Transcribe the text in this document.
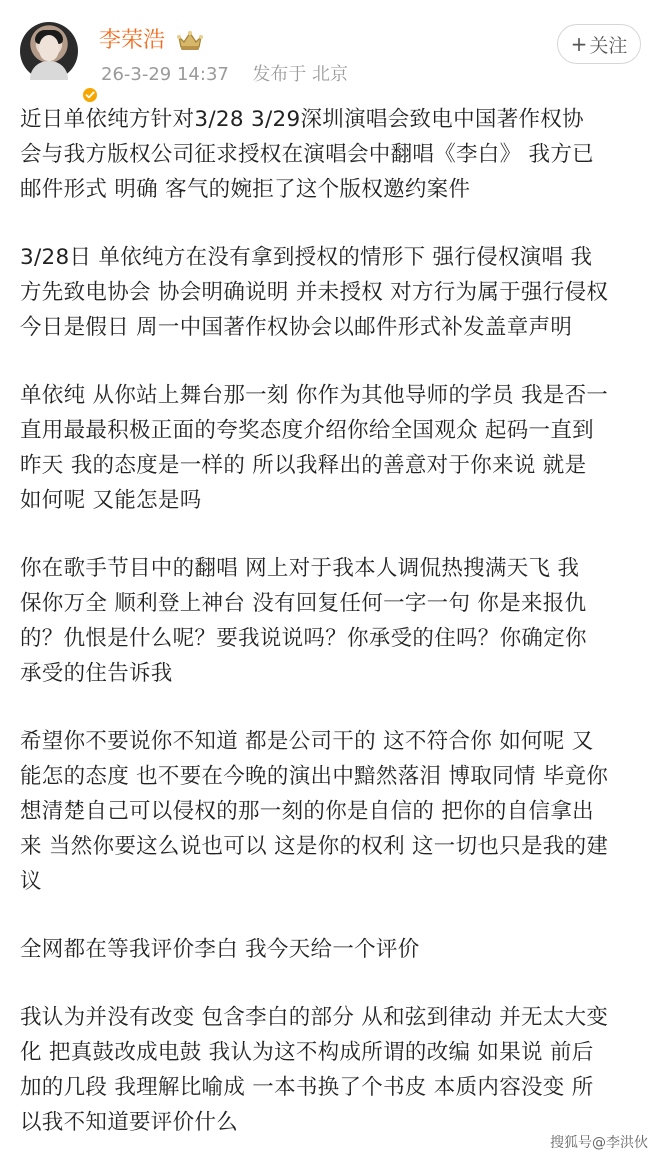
李荣浩
26-3-29 14:37 发布于 北京
+ 关注

近日单依纯方针对3/28 3/29深圳演唱会致电中国著作权协
会与我方版权公司征求授权在演唱会中翻唱《李白》 我方已
邮件形式 明确 客气的婉拒了这个版权邀约案件

3/28日 单依纯方在没有拿到授权的情形下 强行侵权演唱 我
方先致电协会 协会明确说明 并未授权 对方行为属于强行侵权
今日是假日 周一中国著作权协会以邮件形式补发盖章声明

单依纯 从你站上舞台那一刻 你作为其他导师的学员 我是否一
直用最最积极正面的夸奖态度介绍你给全国观众 起码一直到
昨天 我的态度是一样的 所以我释出的善意对于你来说 就是
如何呢 又能怎是吗

你在歌手节目中的翻唱 网上对于我本人调侃热搜满天飞 我
保你万全 顺利登上神台 没有回复任何一字一句 你是来报仇
的？仇恨是什么呢？要我说说吗？你承受的住吗？你确定你
承受的住告诉我

希望你不要说你不知道 都是公司干的 这不符合你 如何呢 又
能怎的态度 也不要在今晚的演出中黯然落泪 博取同情 毕竟你
想清楚自己可以侵权的那一刻的你是自信的 把你的自信拿出
来 当然你要这么说也可以 这是你的权利 这一切也只是我的建
议

全网都在等我评价李白 我今天给一个评价

我认为并没有改变 包含李白的部分 从和弦到律动 并无太大变
化 把真鼓改成电鼓 我认为这不构成所谓的改编 如果说 前后
加的几段 我理解比喻成 一本书换了个书皮 本质内容没变 所
以我不知道要评价什么

搜狐号@李洪伙
